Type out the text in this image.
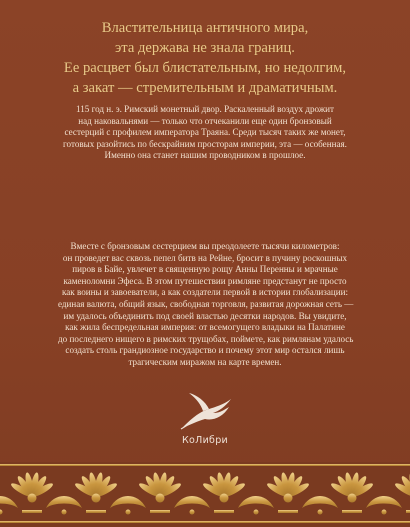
Властительница античного мира,
эта держава не знала границ.
Ее расцвет был блистательным, но недолгим,
а закат — стремительным и драматичным.
115 год н. э. Римский монетный двор. Раскаленный воздух дрожит
над наковальнями — только что отчеканили еще один бронзовый
сестерций с профилем императора Траяна. Среди тысяч таких же монет,
готовых разойтись по бескрайним просторам империи, эта — особенная.
Именно она станет нашим проводником в прошлое.
Вместе с бронзовым сестерцием вы преодолеете тысячи километров:
он проведет вас сквозь пепел битв на Рейне, бросит в пучину роскошных
пиров в Байе, увлечет в священную рощу Анны Перенны и мрачные
каменоломни Эфеса. В этом путешествии римляне предстанут не просто
как воины и завоеватели, а как создатели первой в истории глобализации:
единая валюта, общий язык, свободная торговля, развитая дорожная сеть —
им удалось объединить под своей властью десятки народов. Вы увидите,
как жила беспредельная империя: от всемогущего владыки на Палатине
до последнего нищего в римских трущобах, поймете, как римлянам удалось
создать столь грандиозное государство и почему этот мир остался лишь
трагическим миражом на карте времен.
КоЛибри
